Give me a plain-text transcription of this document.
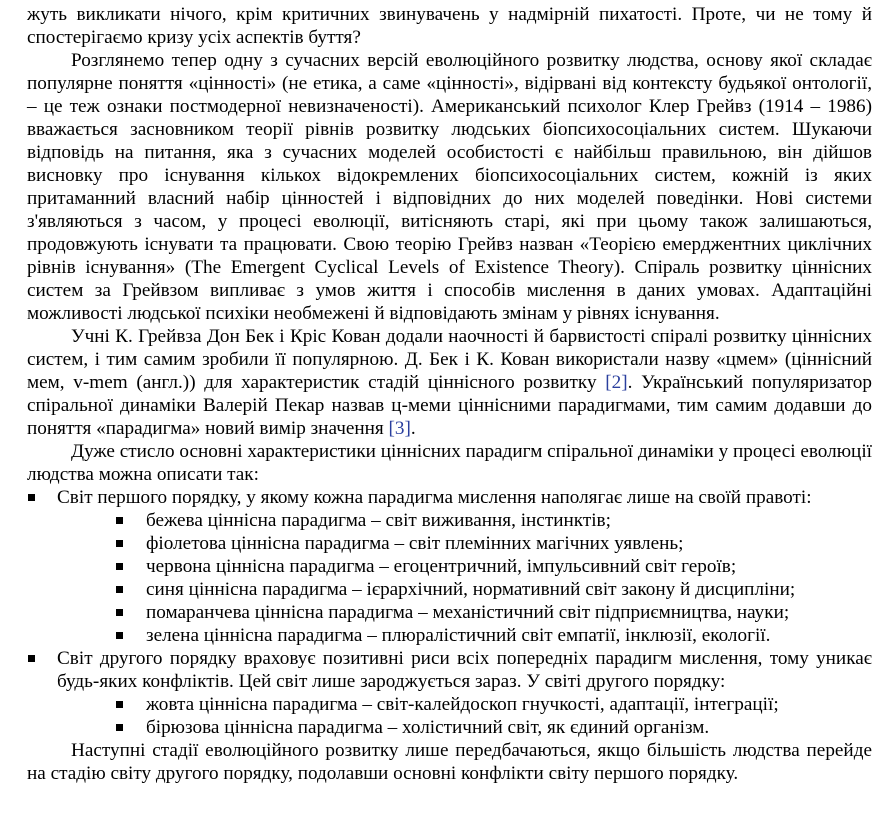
жуть викликати нічого, крім критичних звинувачень у надмірній пихатості. Проте, чи не тому й спостерігаємо кризу усіх аспектів буття?

Розглянемо тепер одну з сучасних версій еволюційного розвитку людства, основу якої складає популярне поняття «цінності» (не етика, а саме «цінності», відірвані від контексту будьякої онтології, – це теж ознаки постмодерної невизначеності). Американський психолог Клер Грейвз (1914 – 1986) вважається засновником теорії рівнів розвитку людських біопсихосоціальних систем. Шукаючи відповідь на питання, яка з сучасних моделей особистості є найбільш правильною, він дійшов висновку про існування кількох відокремлених біопсихосоціальних систем, кожній із яких притаманний власний набір цінностей і відповідних до них моделей поведінки. Нові системи з'являються з часом, у процесі еволюції, витісняють старі, які при цьому також залишаються, продовжують існувати та працювати. Свою теорію Грейвз назван «Теорією емерджентних циклічних рівнів існування» (The Emergent Cyclical Levels of Existence Theory). Спіраль розвитку ціннісних систем за Грейвзом випливає з умов життя і способів мислення в даних умовах. Адаптаційні можливості людської психіки необмежені й відповідають змінам у рівнях існування.

Учні К. Грейвза Дон Бек і Кріс Кован додали наочності й барвистості спіралі розвитку ціннісних систем, і тим самим зробили її популярною. Д. Бек і К. Кован використали назву «цмем» (ціннісний мем, v-mem (англ.)) для характеристик стадій ціннісного розвитку [2]. Український популяризатор спіральної динаміки Валерій Пекар назвав ц-меми ціннісними парадигмами, тим самим додавши до поняття «парадигма» новий вимір значення [3].

Дуже стисло основні характеристики ціннісних парадигм спіральної динаміки у процесі еволюції людства можна описати так:

Світ першого порядку, у якому кожна парадигма мислення наполягає лише на своїй правоті:
бежева ціннісна парадигма – світ виживання, інстинктів;
фіолетова ціннісна парадигма – світ племінних магічних уявлень;
червона ціннісна парадигма – егоцентричний, імпульсивний світ героїв;
синя ціннісна парадигма – ієрархічний, нормативний світ закону й дисципліни;
помаранчева ціннісна парадигма – механістичний світ підприємництва, науки;
зелена ціннісна парадигма – плюралістичний світ емпатії, інклюзії, екології.
Світ другого порядку враховує позитивні риси всіх попередніх парадигм мислення, тому уникає будь-яких конфліктів. Цей світ лише зароджується зараз. У світі другого порядку:
жовта ціннісна парадигма – світ-калейдоскоп гнучкості, адаптації, інтеграції;
бірюзова ціннісна парадигма – холістичний світ, як єдиний організм.

Наступні стадії еволюційного розвитку лише передбачаються, якщо більшість людства перейде на стадію світу другого порядку, подолавши основні конфлікти світу першого порядку.
